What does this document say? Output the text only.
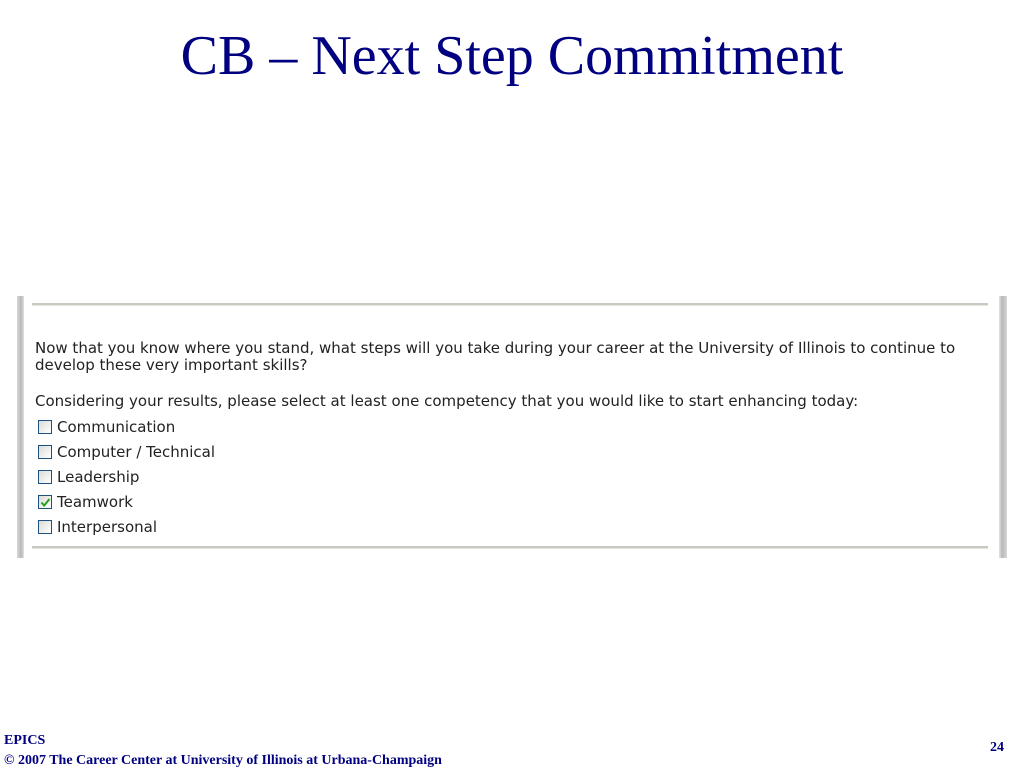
CB – Next Step Commitment
Now that you know where you stand, what steps will you take during your career at the University of Illinois to continue to develop these very important skills?
Considering your results, please select at least one competency that you would like to start enhancing today:
Communication
Computer / Technical
Leadership
Teamwork
Interpersonal
EPICS
© 2007 The Career Center at University of Illinois at Urbana-Champaign
24
